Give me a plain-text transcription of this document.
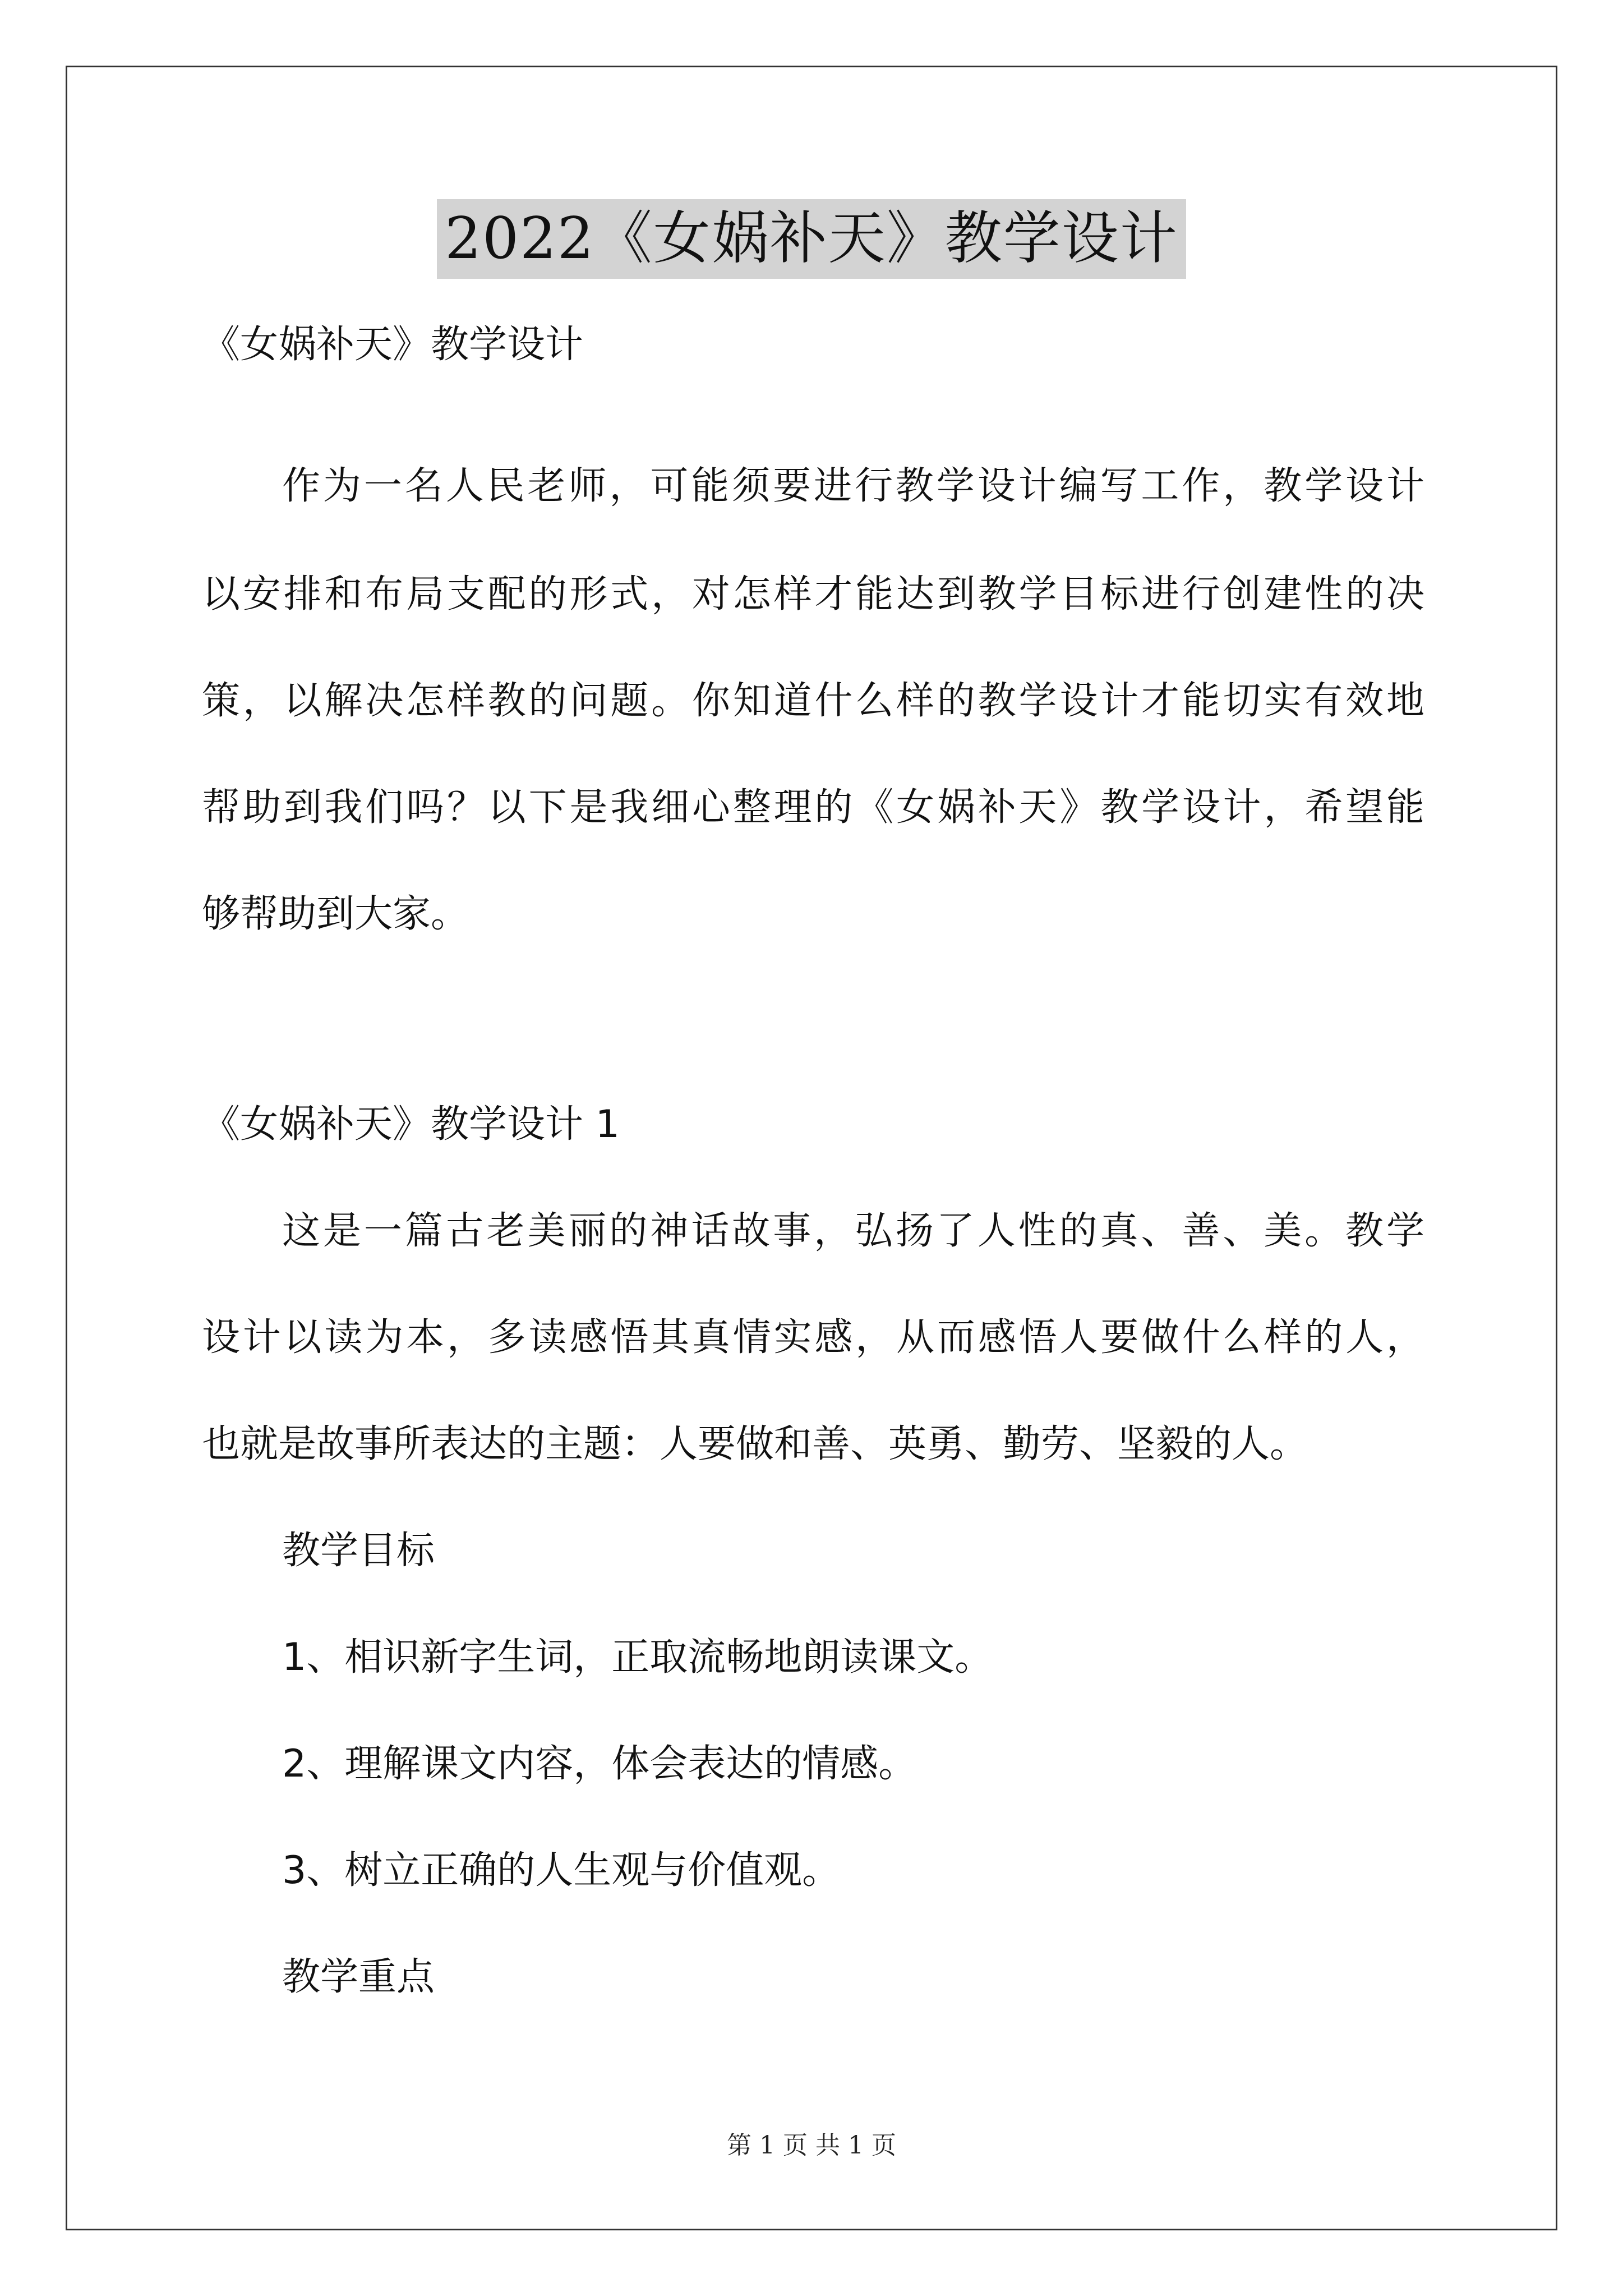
2022《女娲补天》教学设计
《女娲补天》教学设计
作为一名人民老师，可能须要进行教学设计编写工作，教学设计
以安排和布局支配的形式，对怎样才能达到教学目标进行创建性的决
策，以解决怎样教的问题。你知道什么样的教学设计才能切实有效地
帮助到我们吗？以下是我细心整理的《女娲补天》教学设计，希望能
够帮助到大家。
《女娲补天》教学设计 1
这是一篇古老美丽的神话故事，弘扬了人性的真、善、美。教学
设计以读为本，多读感悟其真情实感，从而感悟人要做什么样的人，
也就是故事所表达的主题：人要做和善、英勇、勤劳、坚毅的人。
教学目标
1、相识新字生词，正取流畅地朗读课文。
2、理解课文内容，体会表达的情感。
3、树立正确的人生观与价值观。
教学重点
第 1 页 共 1 页
